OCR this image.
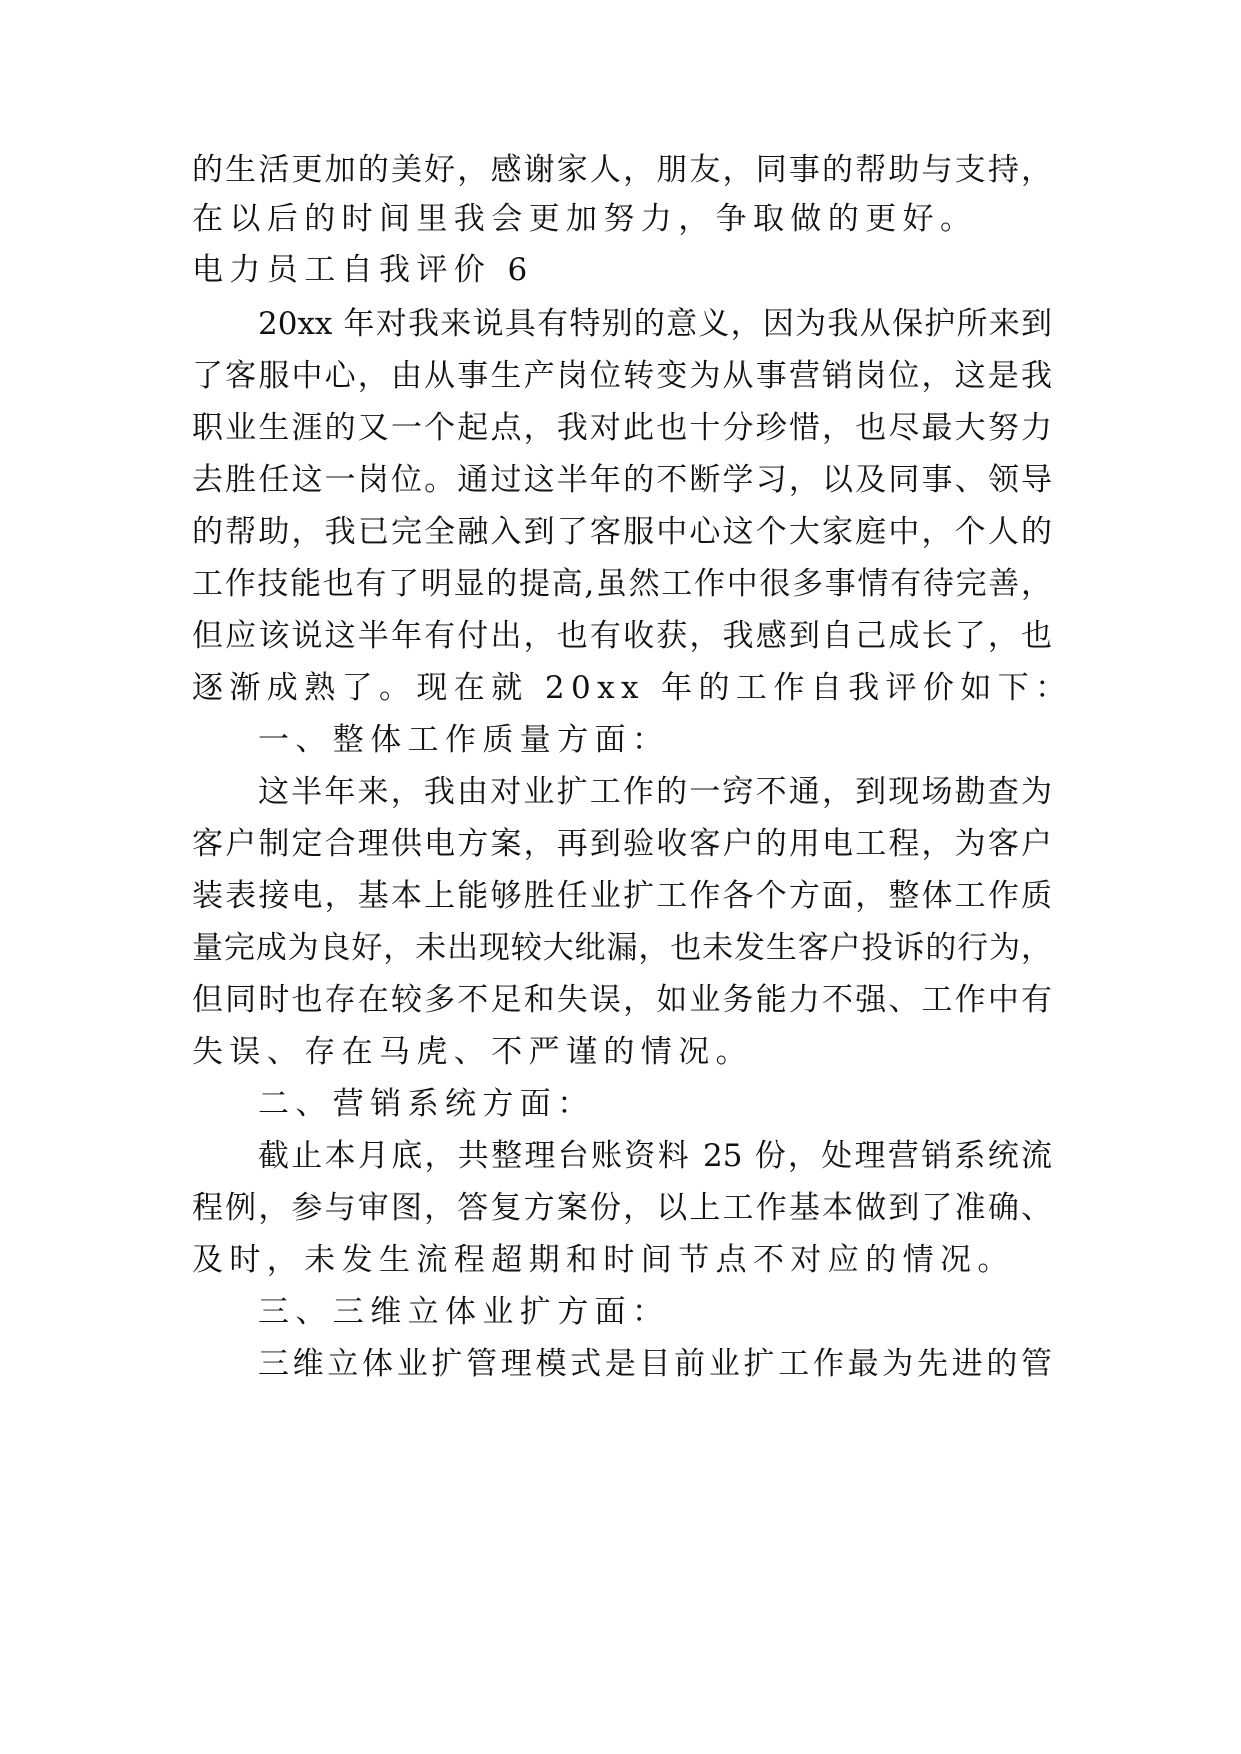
的生活更加的美好，感谢家人，朋友，同事的帮助与支持，
在以后的时间里我会更加努力，争取做的更好。
电力员工自我评价 6
20xx 年对我来说具有特别的意义，因为我从保护所来到
了客服中心，由从事生产岗位转变为从事营销岗位，这是我
职业生涯的又一个起点，我对此也十分珍惜，也尽最大努力
去胜任这一岗位。通过这半年的不断学习，以及同事、领导
的帮助，我已完全融入到了客服中心这个大家庭中，个人的
工作技能也有了明显的提高,虽然工作中很多事情有待完善，
但应该说这半年有付出，也有收获，我感到自己成长了，也
逐渐成熟了。现在就 20xx 年的工作自我评价如下：
一、整体工作质量方面：
这半年来，我由对业扩工作的一窍不通，到现场勘查为
客户制定合理供电方案，再到验收客户的用电工程，为客户
装表接电，基本上能够胜任业扩工作各个方面，整体工作质
量完成为良好，未出现较大纰漏，也未发生客户投诉的行为，
但同时也存在较多不足和失误，如业务能力不强、工作中有
失误、存在马虎、不严谨的情况。
二、营销系统方面：
截止本月底，共整理台账资料 25 份，处理营销系统流
程例，参与审图，答复方案份，以上工作基本做到了准确、
及时，未发生流程超期和时间节点不对应的情况。
三、三维立体业扩方面：
三维立体业扩管理模式是目前业扩工作最为先进的管
